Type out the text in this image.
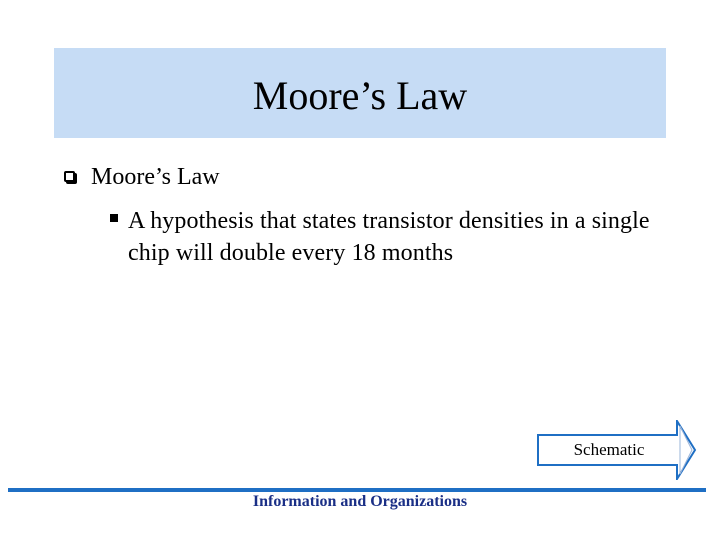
Moore’s Law
Moore’s Law
A hypothesis that states transistor densities in a single chip will double every 18 months
Schematic
Information and Organizations
